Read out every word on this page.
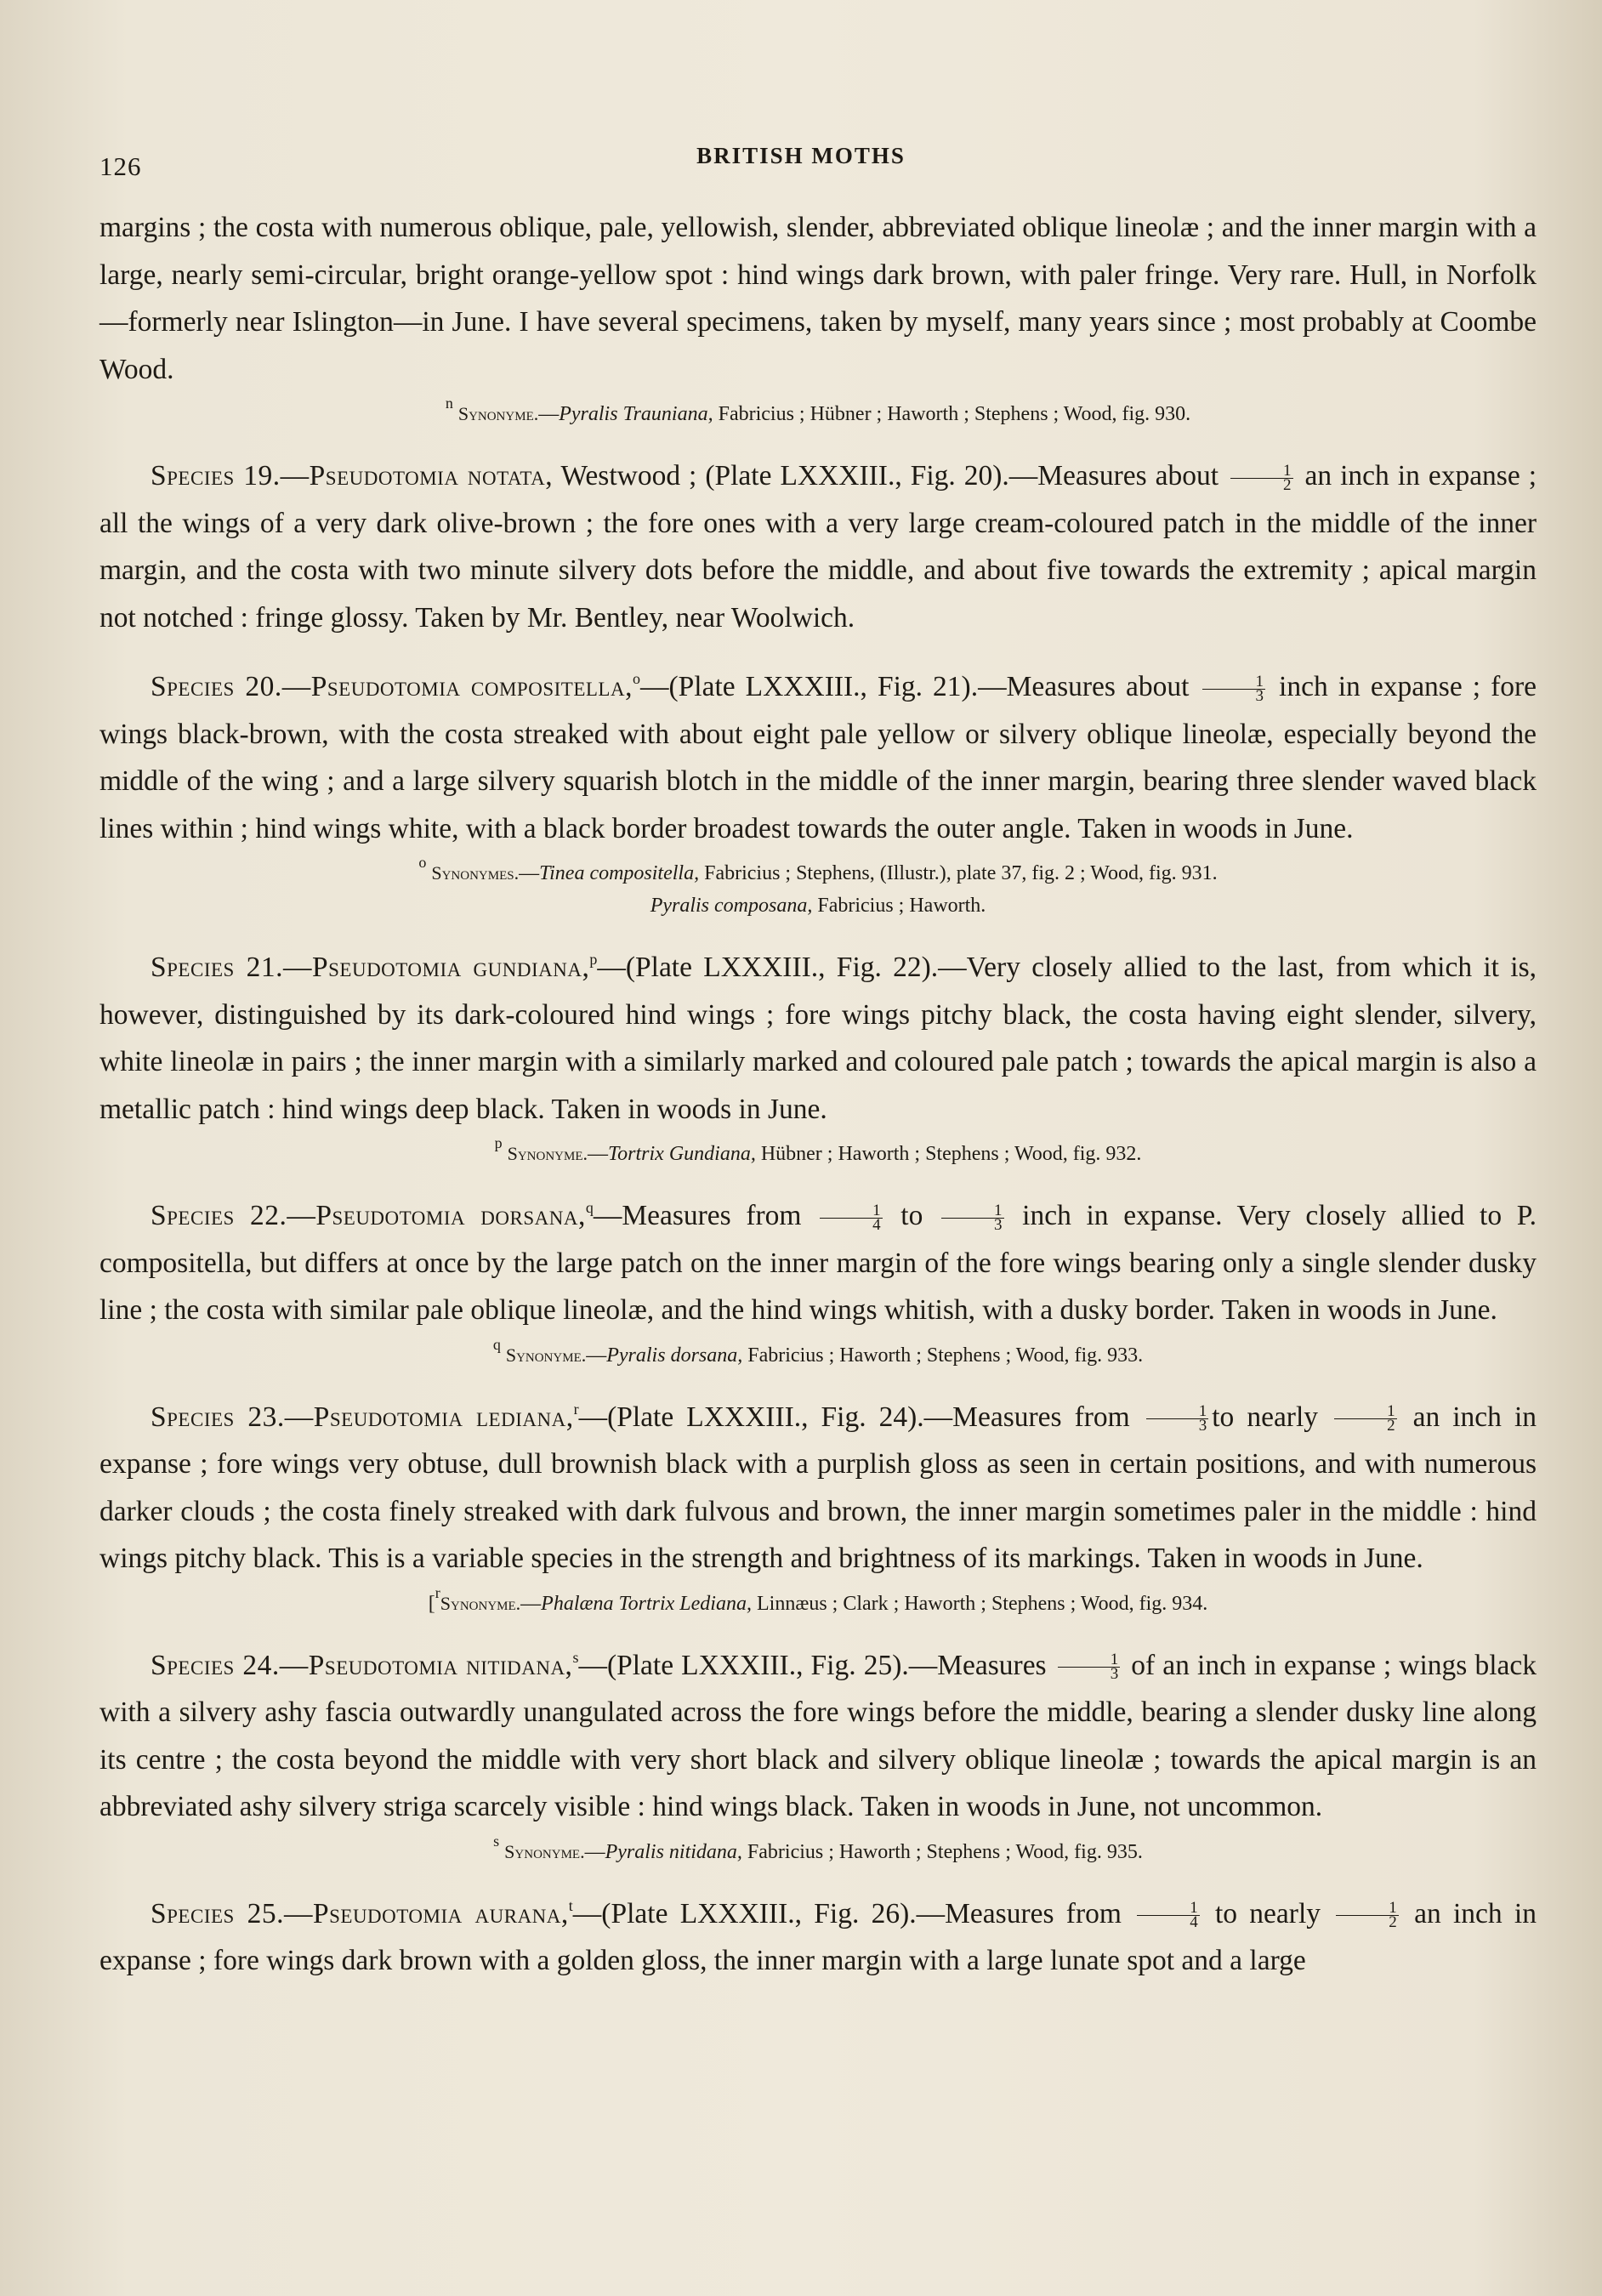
126	BRITISH MOTHS

margins ; the costa with numerous oblique, pale, yellowish, slender, abbreviated oblique lineolæ ; and the inner margin with a large, nearly semi-circular, bright orange-yellow spot : hind wings dark brown, with paler fringe. Very rare. Hull, in Norfolk—formerly near Islington—in June. I have several specimens, taken by myself, many years since ; most probably at Coombe Wood.

$^n$ Synonyme.—Pyralis Trauniana, Fabricius ; Hübner ; Haworth ; Stephens ; Wood, fig. 930.

Species 19.—Pseudotomia notata, Westwood ; (Plate LXXXIII., Fig. 20).—Measures about $\frac{1}{2}$ an inch in expanse ; all the wings of a very dark olive-brown ; the fore ones with a very large cream-coloured patch in the middle of the inner margin, and the costa with two minute silvery dots before the middle, and about five towards the extremity ; apical margin not notched : fringe glossy. Taken by Mr. Bentley, near Woolwich.

Species 20.—Pseudotomia compositella,$^o$—(Plate LXXXIII., Fig. 21).—Measures about $\frac{1}{3}$ inch in expanse ; fore wings black-brown, with the costa streaked with about eight pale yellow or silvery oblique lineolæ, especially beyond the middle of the wing ; and a large silvery squarish blotch in the middle of the inner margin, bearing three slender waved black lines within ; hind wings white, with a black border broadest towards the outer angle. Taken in woods in June.

$^o$ Synonymes.—Tinea compositella, Fabricius ; Stephens, (Illustr.), plate 37, fig. 2 ; Wood, fig. 931.
Pyralis composana, Fabricius ; Haworth.

Species 21.—Pseudotomia gundiana,$^p$—(Plate LXXXIII., Fig. 22).—Very closely allied to the last, from which it is, however, distinguished by its dark-coloured hind wings ; fore wings pitchy black, the costa having eight slender, silvery, white lineolæ in pairs ; the inner margin with a similarly marked and coloured pale patch ; towards the apical margin is also a metallic patch : hind wings deep black. Taken in woods in June.

$^p$ Synonyme.—Tortrix Gundiana, Hübner ; Haworth ; Stephens ; Wood, fig. 932.

Species 22.—Pseudotomia dorsana,$^q$—Measures from $\frac{1}{4}$ to $\frac{1}{3}$ inch in expanse. Very closely allied to P. compositella, but differs at once by the large patch on the inner margin of the fore wings bearing only a single slender dusky line ; the costa with similar pale oblique lineolæ, and the hind wings whitish, with a dusky border. Taken in woods in June.

$^q$ Synonyme.—Pyralis dorsana, Fabricius ; Haworth ; Stephens ; Wood, fig. 933.

Species 23.—Pseudotomia lediana,$^r$—(Plate LXXXIII., Fig. 24).—Measures from $\frac{1}{3}$ to nearly $\frac{1}{2}$ an inch in expanse ; fore wings very obtuse, dull brownish black with a purplish gloss as seen in certain positions, and with numerous darker clouds ; the costa finely streaked with dark fulvous and brown, the inner margin sometimes paler in the middle : hind wings pitchy black. This is a variable species in the strength and brightness of its markings. Taken in woods in June.

[$^r$Synonyme.—Phalæna Tortrix Lediana, Linnæus ; Clark ; Haworth ; Stephens ; Wood, fig. 934.

Species 24.—Pseudotomia nitidana,$^s$—(Plate LXXXIII., Fig. 25).—Measures $\frac{1}{3}$ of an inch in expanse ; wings black with a silvery ashy fascia outwardly unangulated across the fore wings before the middle, bearing a slender dusky line along its centre ; the costa beyond the middle with very short black and silvery oblique lineolæ ; towards the apical margin is an abbreviated ashy silvery striga scarcely visible : hind wings black. Taken in woods in June, not uncommon.

$^s$ Synonyme.—Pyralis nitidana, Fabricius ; Haworth ; Stephens ; Wood, fig. 935.

Species 25.—Pseudotomia aurana,$^t$—(Plate LXXXIII., Fig. 26).—Measures from $\frac{1}{4}$ to nearly $\frac{1}{2}$ an inch in expanse ; fore wings dark brown with a golden gloss, the inner margin with a large lunate spot and a large
